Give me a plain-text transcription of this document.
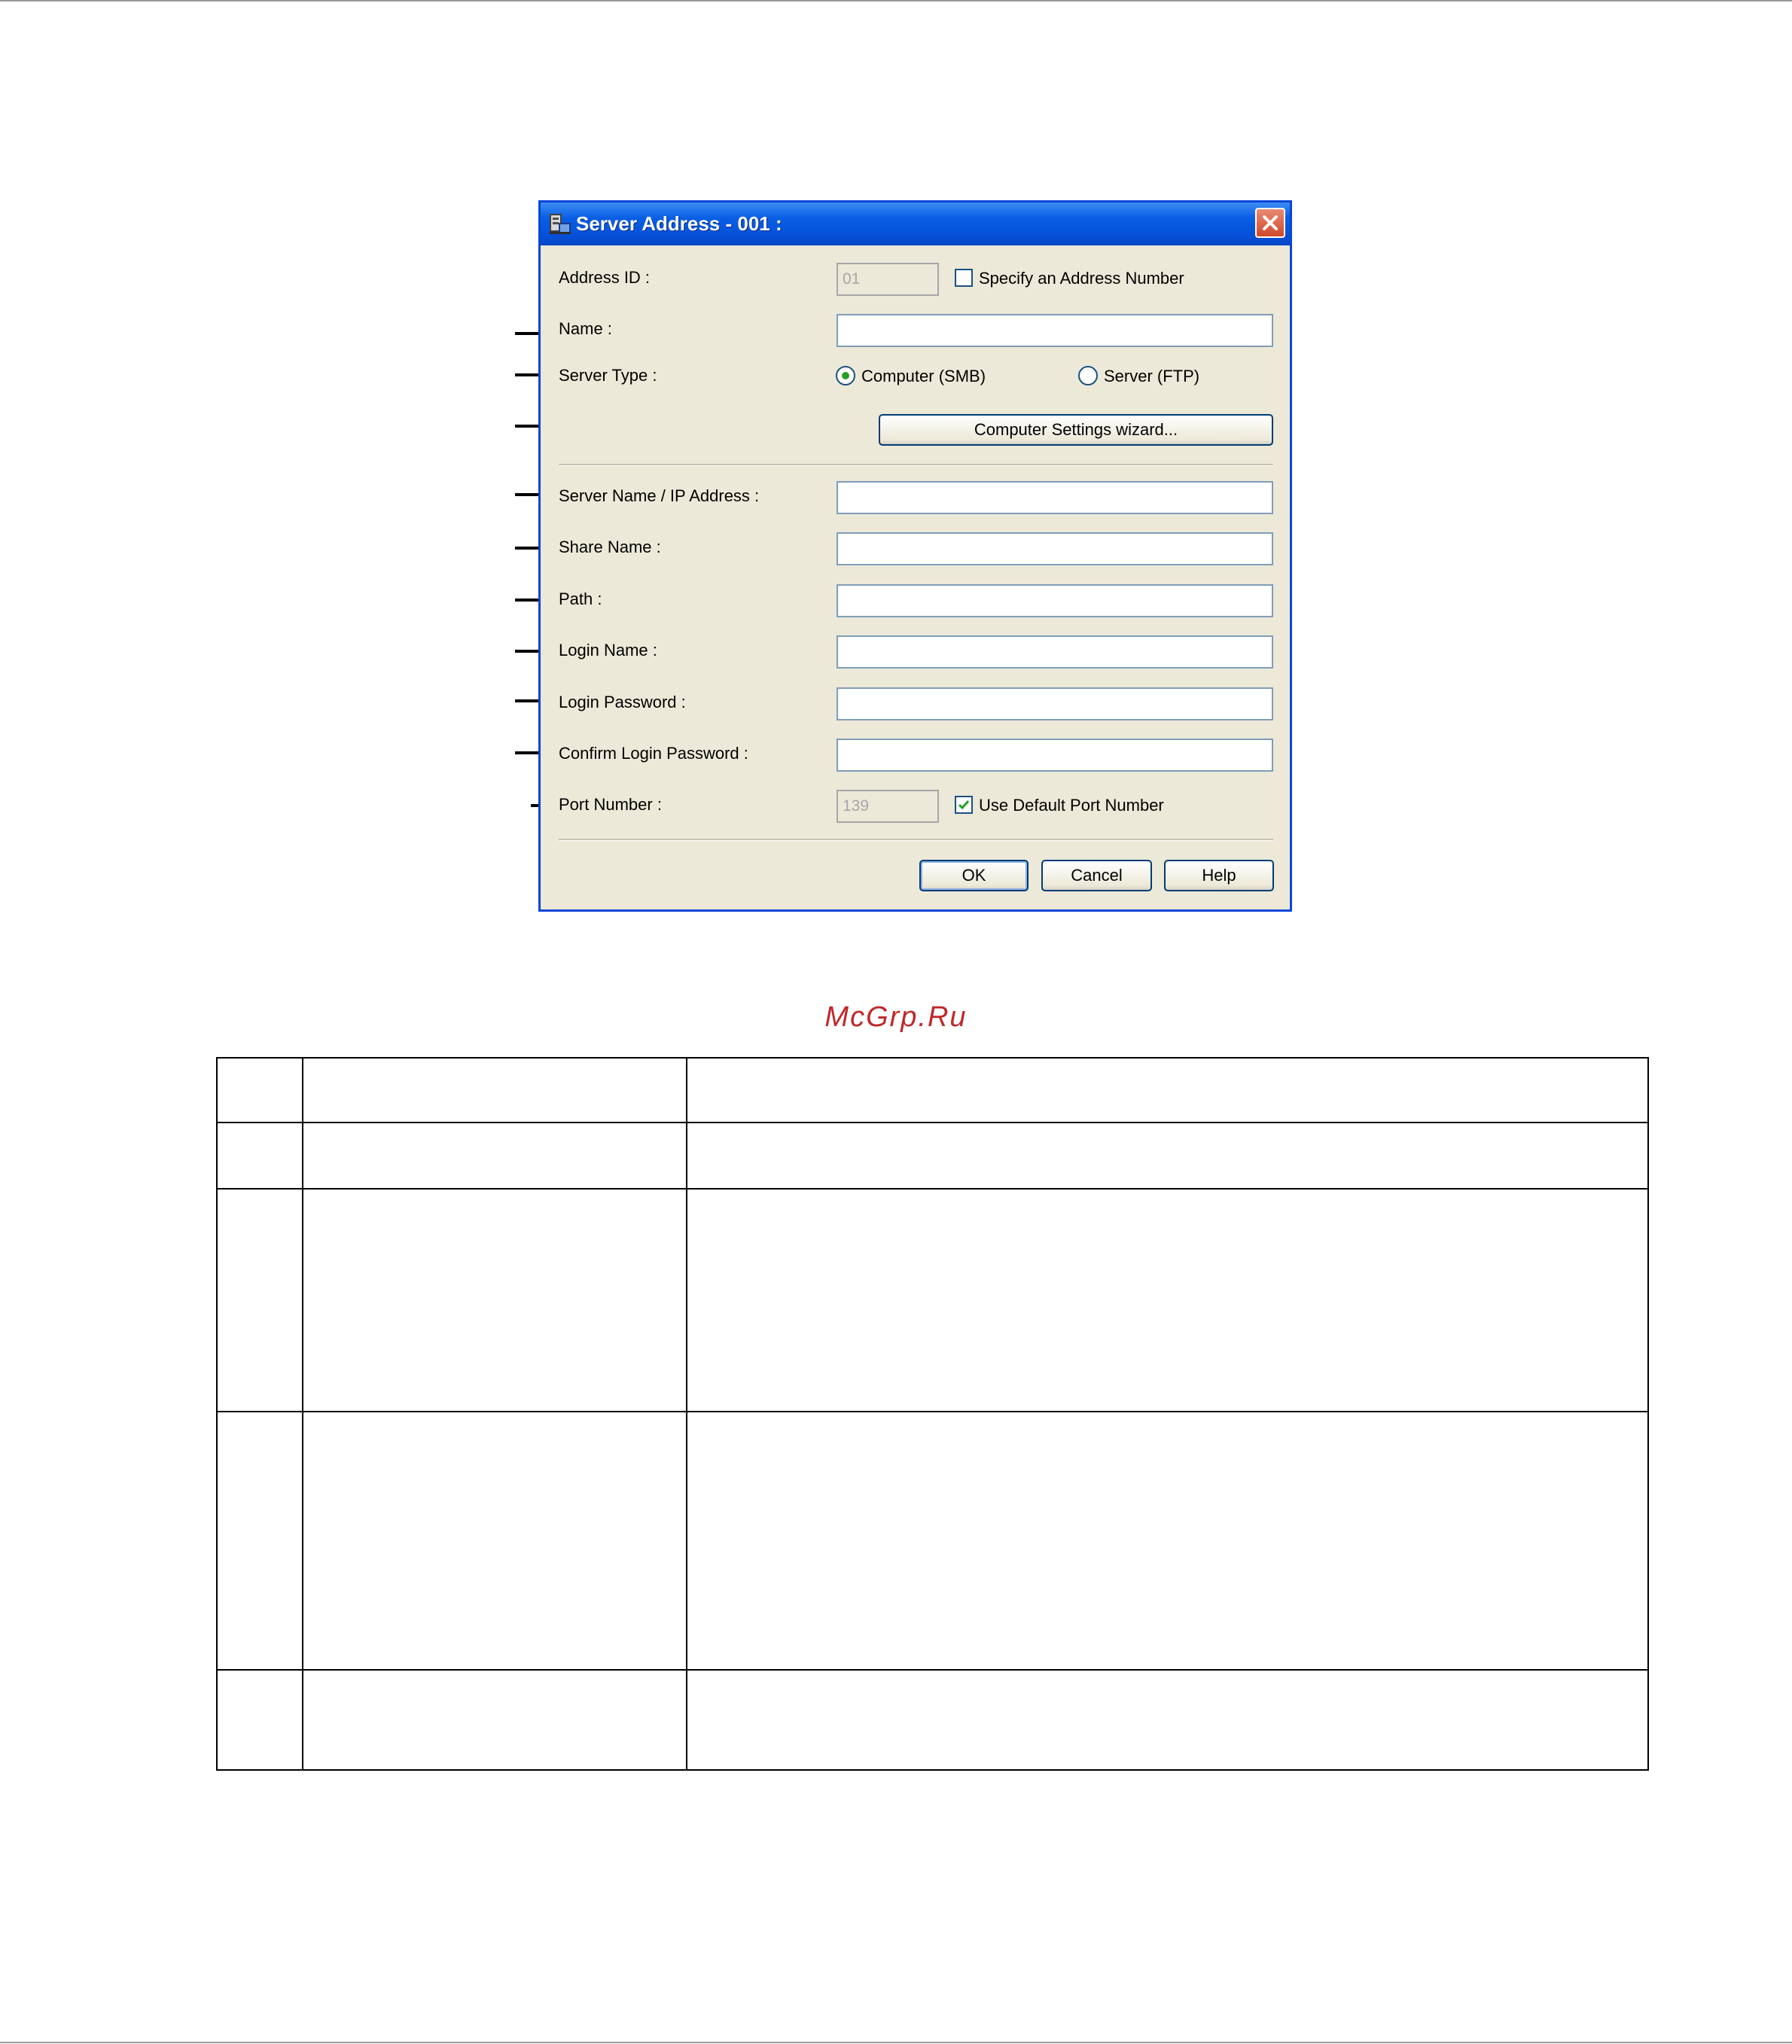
Server Address - 001 :
Address ID :
01	Specify an Address Number
Name :
Server Type :	Computer (SMB)	Server (FTP)
Computer Settings wizard...
Server Name / IP Address :
Share Name :
Path :
Login Name :
Login Password :
Confirm Login Password :
Port Number :
139	Use Default Port Number
OK	Cancel	Help
McGrp.Ru
